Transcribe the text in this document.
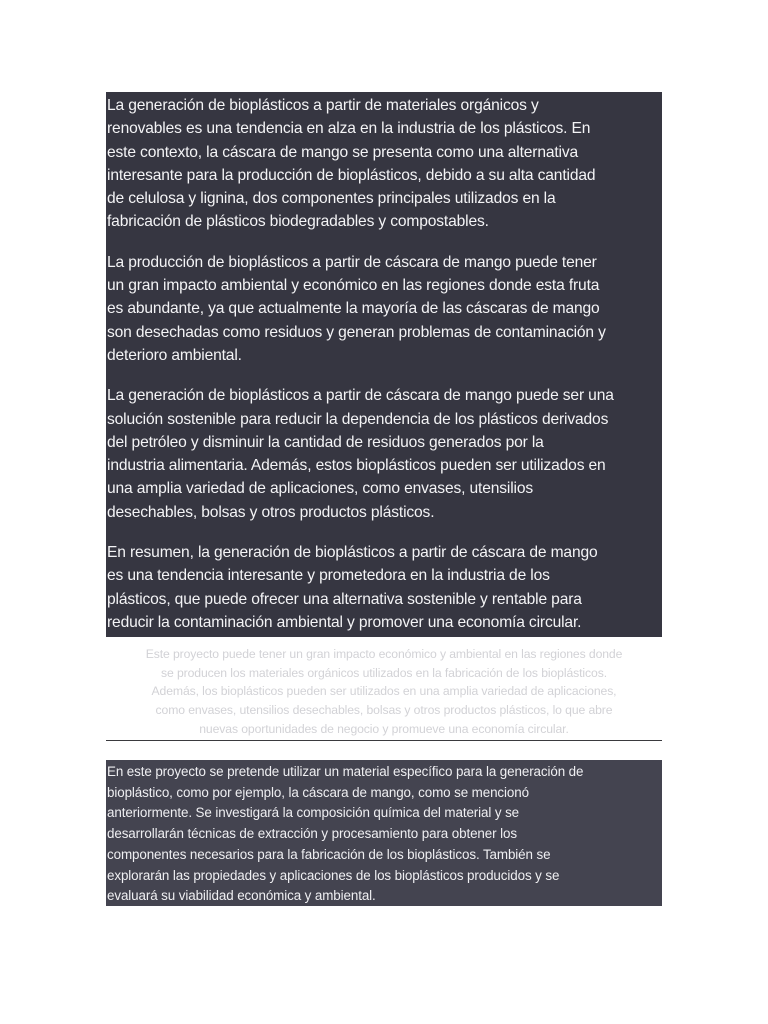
La generación de bioplásticos a partir de materiales orgánicos y
renovables es una tendencia en alza en la industria de los plásticos. En
este contexto, la cáscara de mango se presenta como una alternativa
interesante para la producción de bioplásticos, debido a su alta cantidad
de celulosa y lignina, dos componentes principales utilizados en la
fabricación de plásticos biodegradables y compostables.

La producción de bioplásticos a partir de cáscara de mango puede tener
un gran impacto ambiental y económico en las regiones donde esta fruta
es abundante, ya que actualmente la mayoría de las cáscaras de mango
son desechadas como residuos y generan problemas de contaminación y
deterioro ambiental.

La generación de bioplásticos a partir de cáscara de mango puede ser una
solución sostenible para reducir la dependencia de los plásticos derivados
del petróleo y disminuir la cantidad de residuos generados por la
industria alimentaria. Además, estos bioplásticos pueden ser utilizados en
una amplia variedad de aplicaciones, como envases, utensilios
desechables, bolsas y otros productos plásticos.

En resumen, la generación de bioplásticos a partir de cáscara de mango
es una tendencia interesante y prometedora en la industria de los
plásticos, que puede ofrecer una alternativa sostenible y rentable para
reducir la contaminación ambiental y promover una economía circular.

Este proyecto puede tener un gran impacto económico y ambiental en las regiones donde
se producen los materiales orgánicos utilizados en la fabricación de los bioplásticos.
Además, los bioplásticos pueden ser utilizados en una amplia variedad de aplicaciones,
como envases, utensilios desechables, bolsas y otros productos plásticos, lo que abre
nuevas oportunidades de negocio y promueve una economía circular.
En este proyecto se pretende utilizar un material específico para la generación de
bioplástico, como por ejemplo, la cáscara de mango, como se mencionó
anteriormente. Se investigará la composición química del material y se
desarrollarán técnicas de extracción y procesamiento para obtener los
componentes necesarios para la fabricación de los bioplásticos. También se
explorarán las propiedades y aplicaciones de los bioplásticos producidos y se
evaluará su viabilidad económica y ambiental.
